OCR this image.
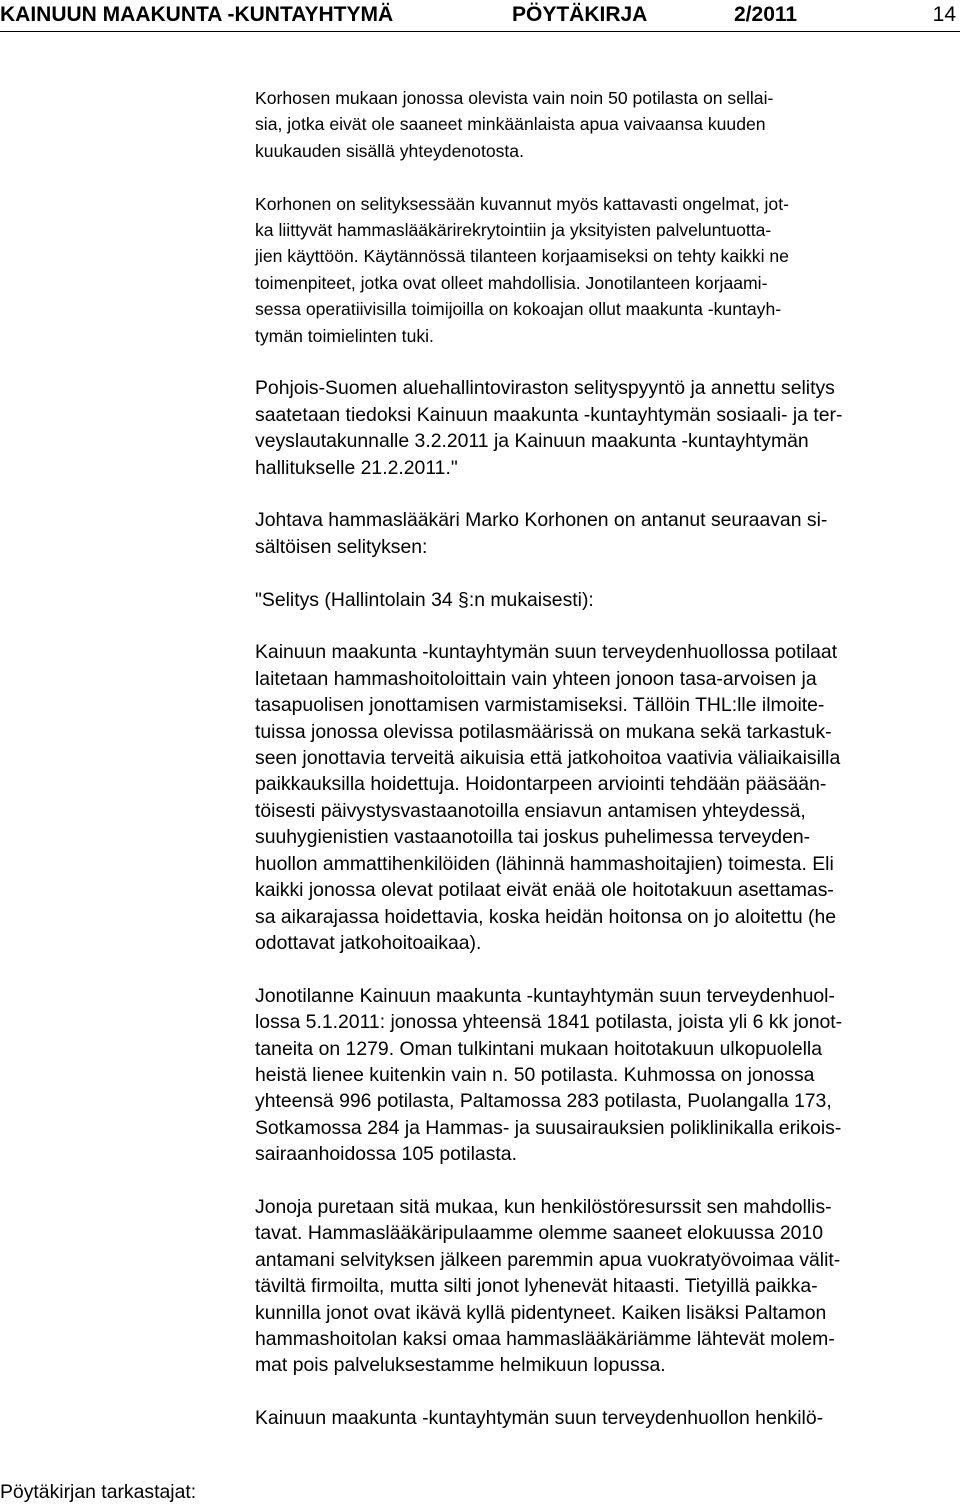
KAINUUN MAAKUNTA -KUNTAYHTYMÄ	PÖYTÄKIRJA	2/2011	14

Korhosen mukaan jonossa olevista vain noin 50 potilasta on sellai-
sia, jotka eivät ole saaneet minkäänlaista apua vaivaansa kuuden
kuukauden sisällä yhteydenotosta.

Korhonen on selityksessään kuvannut myös kattavasti ongelmat, jot-
ka liittyvät hammaslääkärirekrytointiin ja yksityisten palveluntuotta-
jien käyttöön. Käytännössä tilanteen korjaamiseksi on tehty kaikki ne
toimenpiteet, jotka ovat olleet mahdollisia. Jonotilanteen korjaami-
sessa operatiivisilla toimijoilla on kokoajan ollut maakunta -kuntayh-
tymän toimielinten tuki.

Pohjois-Suomen aluehallintoviraston selityspyyntö ja annettu selitys
saatetaan tiedoksi Kainuun maakunta -kuntayhtymän sosiaali- ja ter-
veyslautakunnalle 3.2.2011 ja Kainuun maakunta -kuntayhtymän
hallitukselle 21.2.2011."

Johtava hammaslääkäri Marko Korhonen on antanut seuraavan si-
sältöisen selityksen:

"Selitys (Hallintolain 34 §:n mukaisesti):

Kainuun maakunta -kuntayhtymän suun terveydenhuollossa potilaat
laitetaan hammashoitoloittain vain yhteen jonoon tasa-arvoisen ja
tasapuolisen jonottamisen varmistamiseksi. Tällöin THL:lle ilmoite-
tuissa jonossa olevissa potilasmäärissä on mukana sekä tarkastuk-
seen jonottavia terveitä aikuisia että jatkohoitoa vaativia väliaikaisilla
paikkauksilla hoidettuja. Hoidontarpeen arviointi tehdään pääsään-
töisesti päivystysvastaanotoilla ensiavun antamisen yhteydessä,
suuhygienistien vastaanotoilla tai joskus puhelimessa terveyden-
huollon ammattihenkilöiden (lähinnä hammashoitajien) toimesta. Eli
kaikki jonossa olevat potilaat eivät enää ole hoitotakuun asettamas-
sa aikarajassa hoidettavia, koska heidän hoitonsa on jo aloitettu (he
odottavat jatkohoitoaikaa).

Jonotilanne Kainuun maakunta -kuntayhtymän suun terveydenhuol-
lossa 5.1.2011: jonossa yhteensä 1841 potilasta, joista yli 6 kk jonot-
taneita on 1279. Oman tulkintani mukaan hoitotakuun ulkopuolella
heistä lienee kuitenkin vain n. 50 potilasta. Kuhmossa on jonossa
yhteensä 996 potilasta, Paltamossa 283 potilasta, Puolangalla 173,
Sotkamossa 284 ja Hammas- ja suusairauksien poliklinikalla erikois-
sairaanhoidossa 105 potilasta.

Jonoja puretaan sitä mukaa, kun henkilöstöresurssit sen mahdollis-
tavat. Hammaslääkäripulaamme olemme saaneet elokuussa 2010
antamani selvityksen jälkeen paremmin apua vuokratyövoimaa välit-
täviltä firmoilta, mutta silti jonot lyhenevät hitaasti. Tietyillä paikka-
kunnilla jonot ovat ikävä kyllä pidentyneet. Kaiken lisäksi Paltamon
hammashoitolan kaksi omaa hammaslääkäriämme lähtevät molem-
mat pois palveluksestamme helmikuun lopussa.

Kainuun maakunta -kuntayhtymän suun terveydenhuollon henkilö-

Pöytäkirjan tarkastajat:
